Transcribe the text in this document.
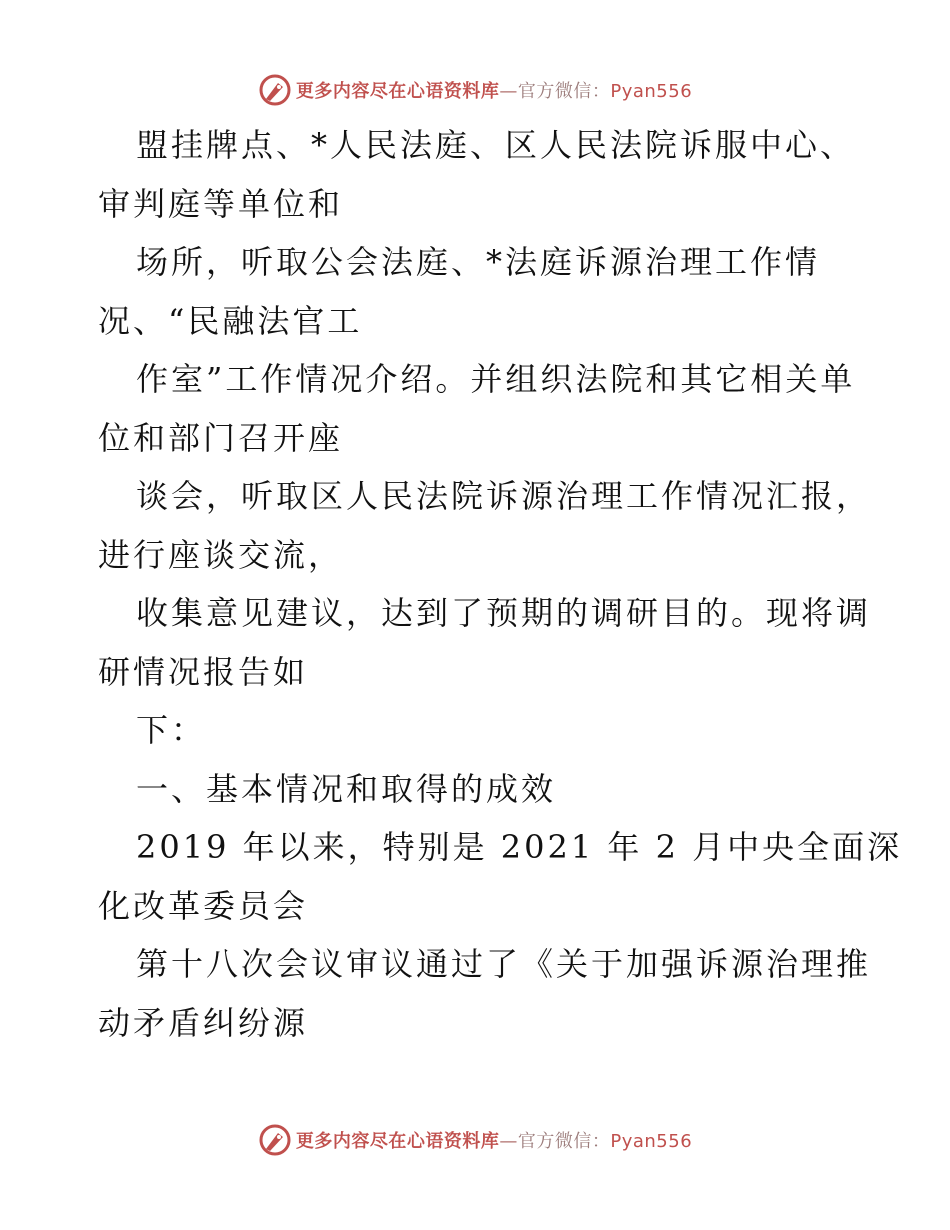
更多内容尽在心语资料库—官方微信：Pyan556
盟挂牌点、*人民法庭、区人民法院诉服中心、
审判庭等单位和
场所，听取公会法庭、*法庭诉源治理工作情
况、“民融法官工
作室”工作情况介绍。并组织法院和其它相关单
位和部门召开座
谈会，听取区人民法院诉源治理工作情况汇报，
进行座谈交流，
收集意见建议，达到了预期的调研目的。现将调
研情况报告如
下：
一、基本情况和取得的成效
2019 年以来，特别是 2021 年 2 月中央全面深
化改革委员会
第十八次会议审议通过了《关于加强诉源治理推
动矛盾纠纷源
更多内容尽在心语资料库—官方微信：Pyan556
